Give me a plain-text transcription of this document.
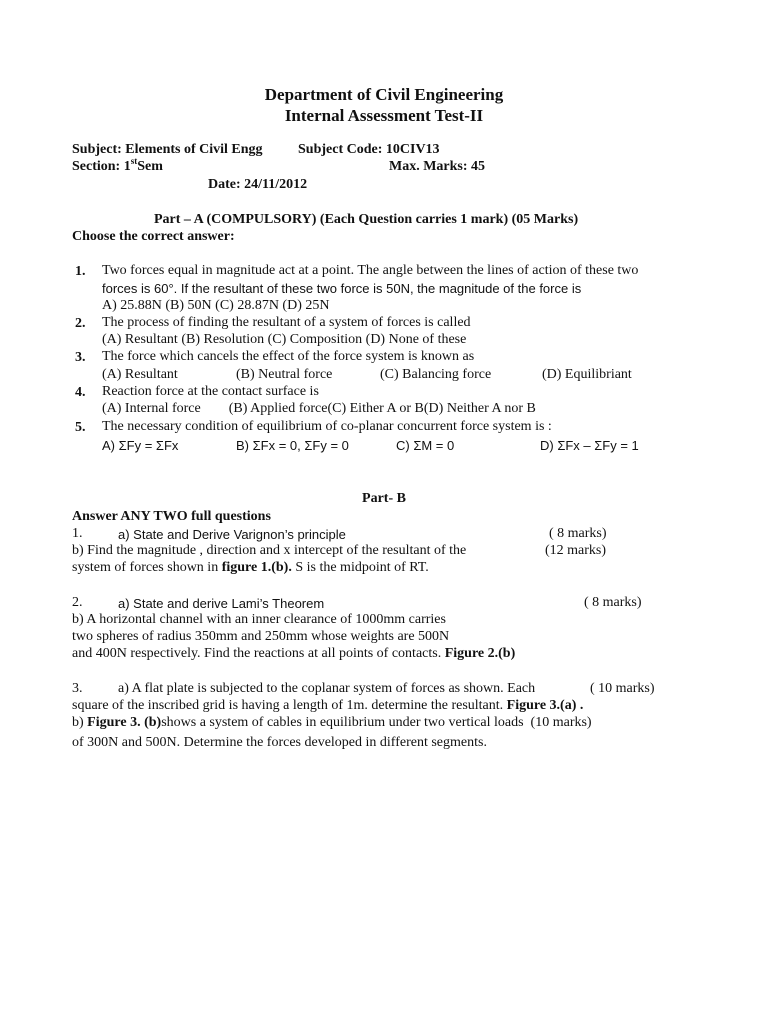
Department of Civil Engineering
Internal Assessment Test-II
Subject: Elements of Civil Engg	Subject Code: 10CIV13
Section: 1stSem	Max. Marks: 45
Date: 24/11/2012
Part – A (COMPULSORY) (Each Question carries 1 mark) (05 Marks)
Choose the correct answer:
1. Two forces equal in magnitude act at a point. The angle between the lines of action of these two
forces is 60°. If the resultant of these two force is 50N, the magnitude of the force is
A) 25.88N (B) 50N (C) 28.87N (D) 25N
2. The process of finding the resultant of a system of forces is called
(A) Resultant (B) Resolution (C) Composition (D) None of these
3. The force which cancels the effect of the force system is known as
(A) Resultant	(B) Neutral force	(C) Balancing force	(D) Equilibriant
4. Reaction force at the contact surface is
(A) Internal force        (B) Applied force(C) Either A or B(D) Neither A nor B
5. The necessary condition of equilibrium of co-planar concurrent force system is :
A) ΣFy = ΣFx	B) ΣFx = 0, ΣFy = 0	C) ΣM = 0	D) ΣFx – ΣFy = 1
Part- B
Answer ANY TWO full questions
1.	a) State and Derive Varignon’s principle	( 8 marks)
b) Find the magnitude , direction and x intercept of the resultant of the	(12 marks)
system of forces shown in figure 1.(b). S is the midpoint of RT.
2.	a) State and derive Lami’s Theorem	( 8 marks)
b) A horizontal channel with an inner clearance of 1000mm carries
two spheres of radius 350mm and 250mm whose weights are 500N
and 400N respectively. Find the reactions at all points of contacts. Figure 2.(b)
3.	a) A flat plate is subjected to the coplanar system of forces as shown. Each	( 10 marks)
square of the inscribed grid is having a length of 1m. determine the resultant. Figure 3.(a) .
b) Figure 3. (b)shows a system of cables in equilibrium under two vertical loads  (10 marks)
of 300N and 500N. Determine the forces developed in different segments.
